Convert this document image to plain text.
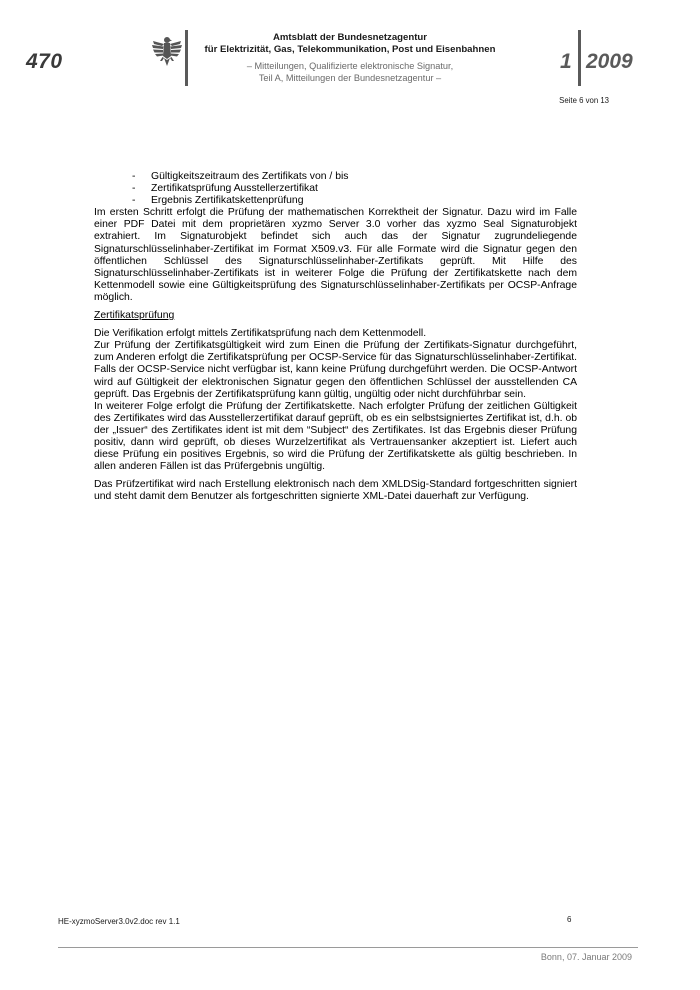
470
Amtsblatt der Bundesnetzagentur
für Elektrizität, Gas, Telekommunikation, Post und Eisenbahnen
– Mitteilungen, Qualifizierte elektronische Signatur,
Teil A, Mitteilungen der Bundesnetzagentur –
1 2009
Seite 6 von 13
- Gültigkeitszeitraum des Zertifikats von / bis
- Zertifikatsprüfung Ausstellerzertifikat
- Ergebnis Zertifikatskettenprüfung

Im ersten Schritt erfolgt die Prüfung der mathematischen Korrektheit der Signatur. Dazu wird im Falle einer PDF Datei mit dem proprietären xyzmo Server 3.0 vorher das xyzmo Seal Signaturobjekt extrahiert. Im Signaturobjekt befindet sich auch das der Signatur zugrundeliegende Signaturschlüsselinhaber-Zertifikat im Format X509.v3. Für alle Formate wird die Signatur gegen den öffentlichen Schlüssel des Signaturschlüsselinhaber-Zertifikats geprüft. Mit Hilfe des Signaturschlüsselinhaber-Zertifikats ist in weiterer Folge die Prüfung der Zertifikatskette nach dem Kettenmodell sowie eine Gültigkeitsprüfung des Signaturschlüsselinhaber-Zertifikats per OCSP-Anfrage möglich.

Zertifikatsprüfung

Die Verifikation erfolgt mittels Zertifikatsprüfung nach dem Kettenmodell.

Zur Prüfung der Zertifikatsgültigkeit wird zum Einen die Prüfung der Zertifikats-Signatur durchgeführt, zum Anderen erfolgt die Zertifikatsprüfung per OCSP-Service für das Signaturschlüsselinhaber-Zertifikat. Falls der OCSP-Service nicht verfügbar ist, kann keine Prüfung durchgeführt werden. Die OCSP-Antwort wird auf Gültigkeit der elektronischen Signatur gegen den öffentlichen Schlüssel der ausstellenden CA geprüft. Das Ergebnis der Zertifikatsprüfung kann gültig, ungültig oder nicht durchführbar sein.

In weiterer Folge erfolgt die Prüfung der Zertifikatskette. Nach erfolgter Prüfung der zeitlichen Gültigkeit des Zertifikates wird das Ausstellerzertifikat darauf geprüft, ob es ein selbstsigniertes Zertifikat ist, d.h. ob der „Issuer“ des Zertifikates ident ist mit dem “Subject“ des Zertifikates. Ist das Ergebnis dieser Prüfung positiv, dann wird geprüft, ob dieses Wurzelzertifikat als Vertrauensanker akzeptiert ist. Liefert auch diese Prüfung ein positives Ergebnis, so wird die Prüfung der Zertifikatskette als gültig beschrieben. In allen anderen Fällen ist das Prüfergebnis ungültig.

Das Prüfzertifikat wird nach Erstellung elektronisch nach dem XMLDSig-Standard fortgeschritten signiert und steht damit dem Benutzer als fortgeschritten signierte XML-Datei dauerhaft zur Verfügung.

HE-xyzmoServer3.0v2.doc rev 1.1	6
Bonn, 07. Januar 2009
